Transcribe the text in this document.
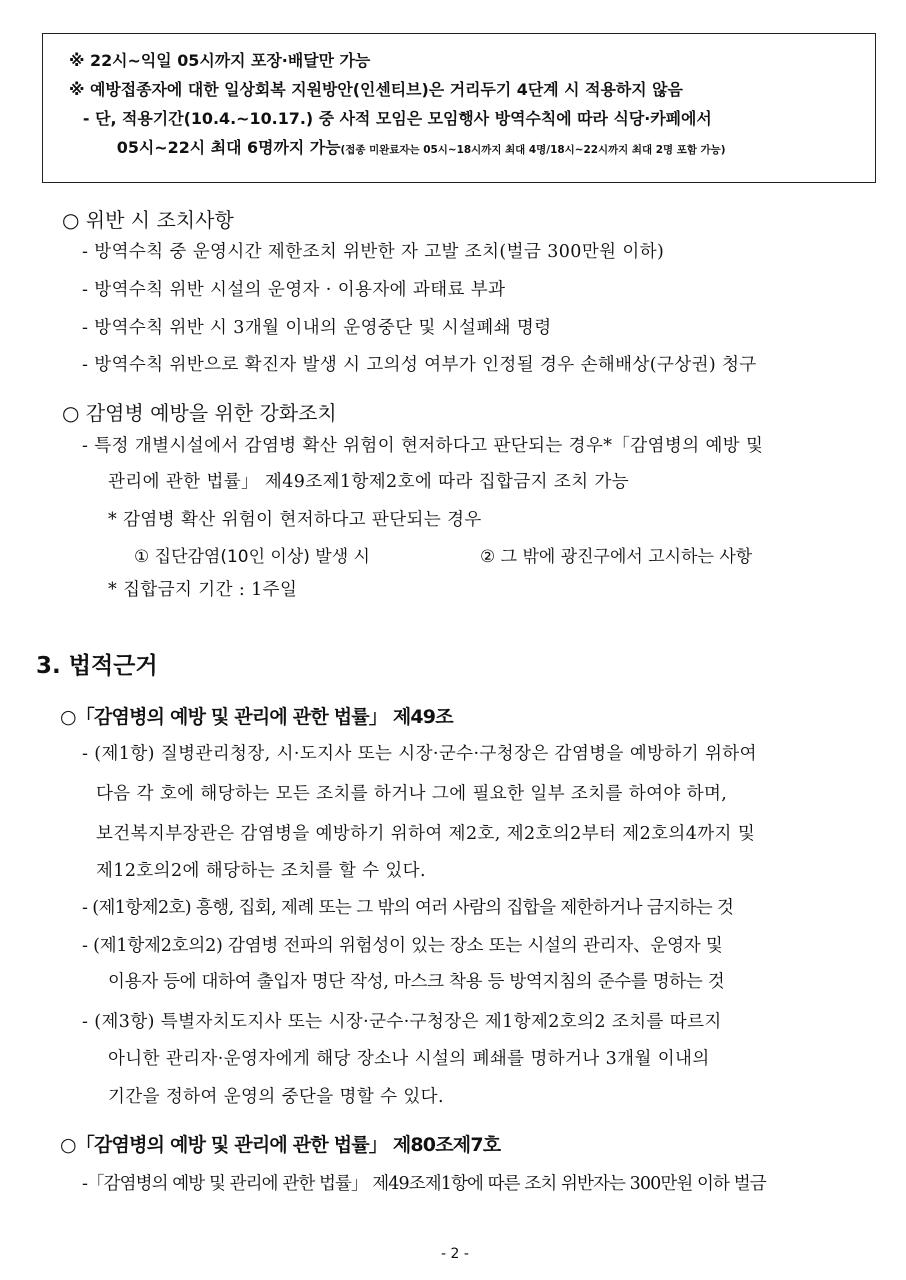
※ 22시~익일 05시까지 포장·배달만 가능
※ 예방접종자에 대한 일상회복 지원방안(인센티브)은 거리두기 4단계 시 적용하지 않음
- 단, 적용기간(10.4.~10.17.) 중 사적 모임은 모임행사 방역수칙에 따라 식당·카페에서
05시~22시 최대 6명까지 가능(접종 미완료자는 05시~18시까지 최대 4명/18시~22시까지 최대 2명 포함 가능)
○ 위반 시 조치사항
- 방역수칙 중 운영시간 제한조치 위반한 자 고발 조치(벌금 300만원 이하)
- 방역수칙 위반 시설의 운영자 · 이용자에 과태료 부과
- 방역수칙 위반 시 3개월 이내의 운영중단 및 시설폐쇄 명령
- 방역수칙 위반으로 확진자 발생 시 고의성 여부가 인정될 경우 손해배상(구상권) 청구
○ 감염병 예방을 위한 강화조치
- 특정 개별시설에서 감염병 확산 위험이 현저하다고 판단되는 경우*「감염병의 예방 및
관리에 관한 법률」 제49조제1항제2호에 따라 집합금지 조치 가능
* 감염병 확산 위험이 현저하다고 판단되는 경우
① 집단감염(10인 이상) 발생 시	② 그 밖에 광진구에서 고시하는 사항
* 집합금지 기간 : 1주일
3. 법적근거
○「감염병의 예방 및 관리에 관한 법률」 제49조
- (제1항) 질병관리청장, 시·도지사 또는 시장·군수·구청장은 감염병을 예방하기 위하여
다음 각 호에 해당하는 모든 조치를 하거나 그에 필요한 일부 조치를 하여야 하며,
보건복지부장관은 감염병을 예방하기 위하여 제2호, 제2호의2부터 제2호의4까지 및
제12호의2에 해당하는 조치를 할 수 있다.
- (제1항제2호) 흥행, 집회, 제례 또는 그 밖의 여러 사람의 집합을 제한하거나 금지하는 것
- (제1항제2호의2) 감염병 전파의 위험성이 있는 장소 또는 시설의 관리자、운영자 및
이용자 등에 대하여 출입자 명단 작성, 마스크 착용 등 방역지침의 준수를 명하는 것
- (제3항) 특별자치도지사 또는 시장·군수·구청장은 제1항제2호의2 조치를 따르지
아니한 관리자·운영자에게 해당 장소나 시설의 폐쇄를 명하거나 3개월 이내의
기간을 정하여 운영의 중단을 명할 수 있다.
○「감염병의 예방 및 관리에 관한 법률」 제80조제7호
-「감염병의 예방 및 관리에 관한 법률」 제49조제1항에 따른 조치 위반자는 300만원 이하 벌금
- 2 -
